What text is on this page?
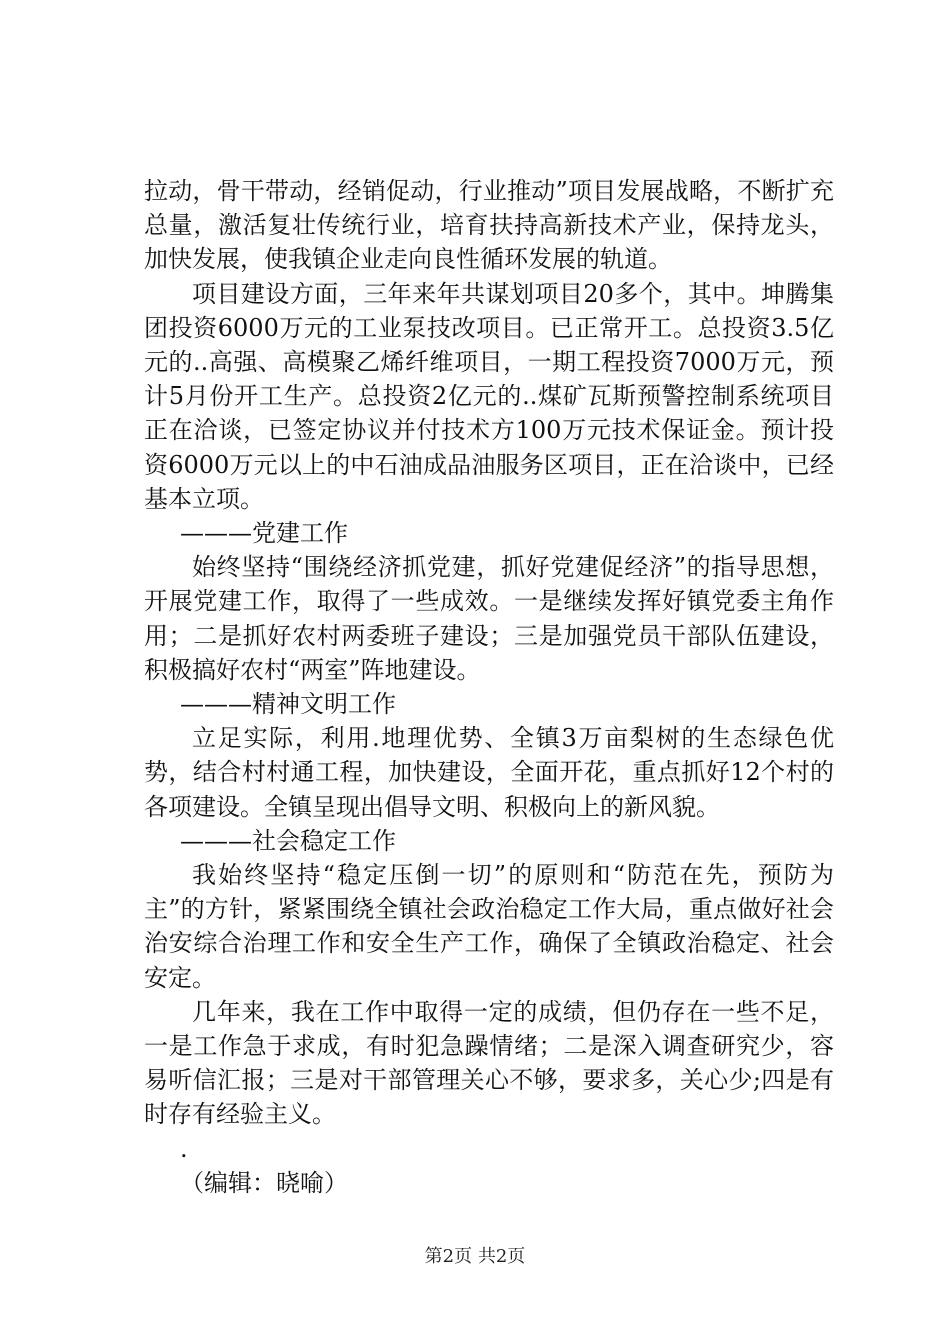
拉动，骨干带动，经销促动，行业推动”项目发展战略，不断扩充总量，激活复壮传统行业，培育扶持高新技术产业，保持龙头，加快发展，使我镇企业走向良性循环发展的轨道。

项目建设方面，三年来年共谋划项目20多个，其中。坤腾集团投资6000万元的工业泵技改项目。已正常开工。总投资3.5亿元的..高强、高模聚乙烯纤维项目，一期工程投资7000万元，预计5月份开工生产。总投资2亿元的..煤矿瓦斯预警控制系统项目正在洽谈，已签定协议并付技术方100万元技术保证金。预计投资6000万元以上的中石油成品油服务区项目，正在洽谈中，已经基本立项。

———党建工作

始终坚持“围绕经济抓党建，抓好党建促经济”的指导思想，开展党建工作，取得了一些成效。一是继续发挥好镇党委主角作用；二是抓好农村两委班子建设；三是加强党员干部队伍建设，积极搞好农村“两室”阵地建设。

———精神文明工作

立足实际，利用.地理优势、全镇3万亩梨树的生态绿色优势，结合村村通工程，加快建设，全面开花，重点抓好12个村的各项建设。全镇呈现出倡导文明、积极向上的新风貌。

———社会稳定工作

我始终坚持“稳定压倒一切”的原则和“防范在先，预防为主”的方针，紧紧围绕全镇社会政治稳定工作大局，重点做好社会治安综合治理工作和安全生产工作，确保了全镇政治稳定、社会安定。

几年来，我在工作中取得一定的成绩，但仍存在一些不足，一是工作急于求成，有时犯急躁情绪；二是深入调查研究少，容易听信汇报；三是对干部管理关心不够，要求多，关心少;四是有时存有经验主义。

.

（编辑：晓喻）

第2页 共2页
